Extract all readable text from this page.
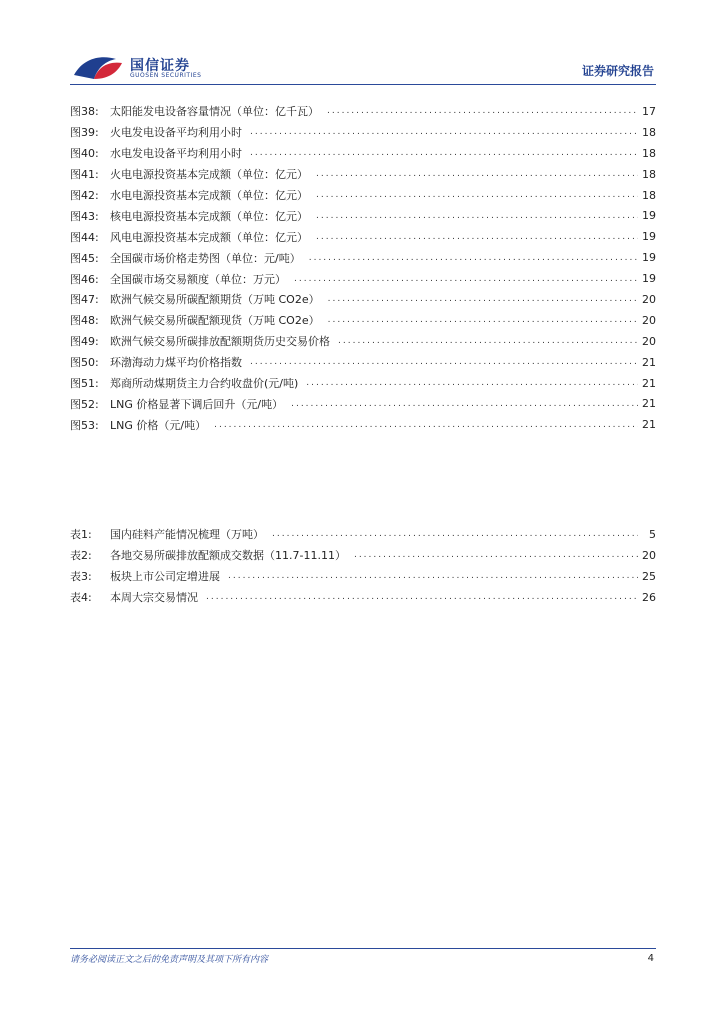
国信证券
GUOSEN SECURITIES	证券研究报告
图38:	太阳能发电设备容量情况（单位：亿千瓦） .....	17
图39:	火电发电设备平均利用小时 .....	18
图40:	水电发电设备平均利用小时 .....	18
图41:	火电电源投资基本完成额（单位：亿元） .....	18
图42:	水电电源投资基本完成额（单位：亿元） .....	18
图43:	核电电源投资基本完成额（单位：亿元） .....	19
图44:	风电电源投资基本完成额（单位：亿元） .....	19
图45:	全国碳市场价格走势图（单位：元/吨） .....	19
图46:	全国碳市场交易额度（单位：万元） .....	19
图47:	欧洲气候交易所碳配额期货（万吨 CO2e） .....	20
图48:	欧洲气候交易所碳配额现货（万吨 CO2e） .....	20
图49:	欧洲气候交易所碳排放配额期货历史交易价格 .....	20
图50:	环渤海动力煤平均价格指数 .....	21
图51:	郑商所动煤期货主力合约收盘价(元/吨) .....	21
图52:	LNG 价格显著下调后回升（元/吨） .....	21
图53:	LNG 价格（元/吨） .....	21
表1:	国内硅料产能情况梳理（万吨） .....	5
表2:	各地交易所碳排放配额成交数据（11.7-11.11） .....	20
表3:	板块上市公司定增进展 .....	25
表4:	本周大宗交易情况 .....	26
请务必阅读正文之后的免责声明及其项下所有内容	4
